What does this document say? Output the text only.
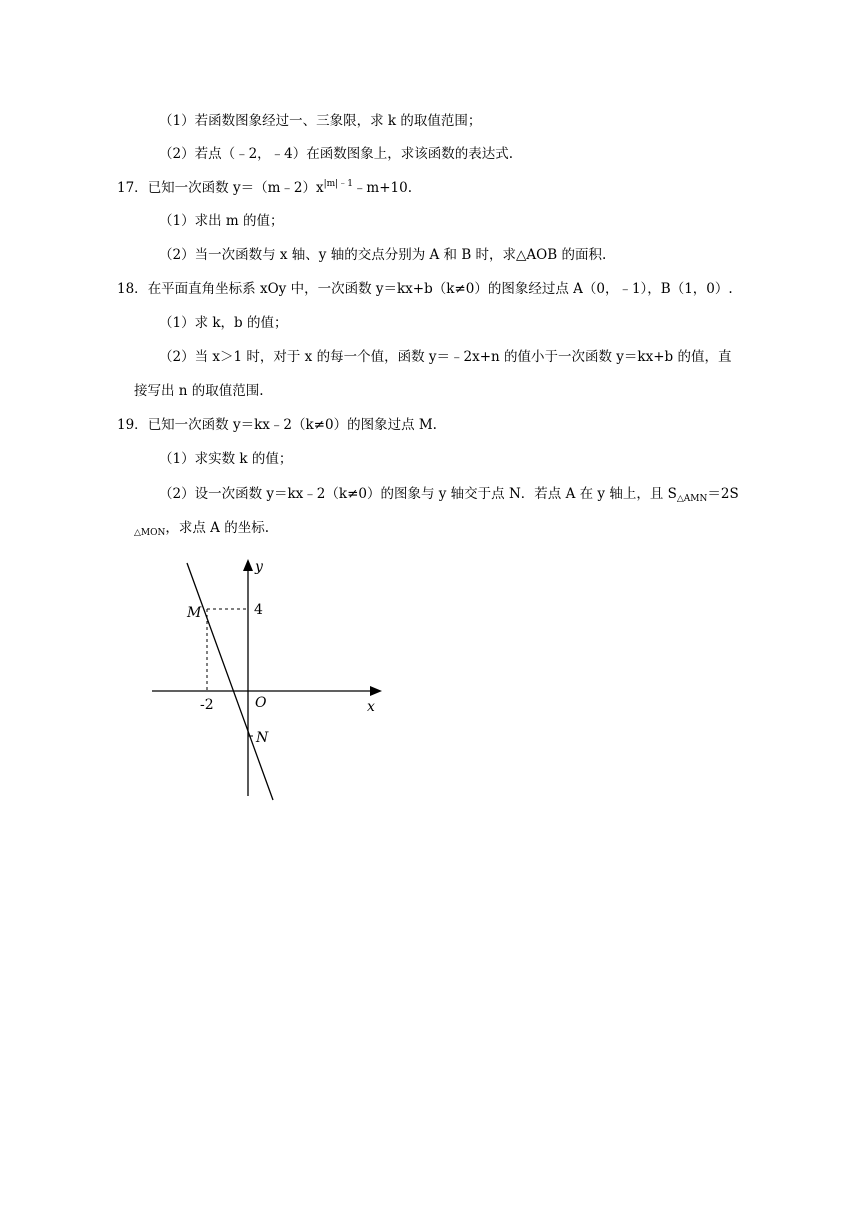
（1）若函数图象经过一、三象限，求 k 的取值范围；
（2）若点（﹣2，﹣4）在函数图象上，求该函数的表达式.
17．已知一次函数 $y=(m﹣2)x^{|m|﹣1}﹣m+10$.
（1）求出 m 的值；
（2）当一次函数与 x 轴、y 轴的交点分别为 A 和 B 时，求△AOB 的面积.
18．在平面直角坐标系 xOy 中，一次函数 y＝kx+b（k≠0）的图象经过点 A（0，﹣1），B（1，0）.
（1）求 k，b 的值；
（2）当 x＞1 时，对于 x 的每一个值，函数 y＝﹣2x+n 的值小于一次函数 y＝kx+b 的值，直
接写出 n 的取值范围.
19．已知一次函数 y＝kx﹣2（k≠0）的图象过点 M.
（1）求实数 k 的值；
（2）设一次函数 y＝kx﹣2（k≠0）的图象与 y 轴交于点 N．若点 A 在 y 轴上，且 $S_{\triangle AMN}=2S$
$_{\triangle MON}$，求点 A 的坐标.
y
x
O
M
N
4
-2
